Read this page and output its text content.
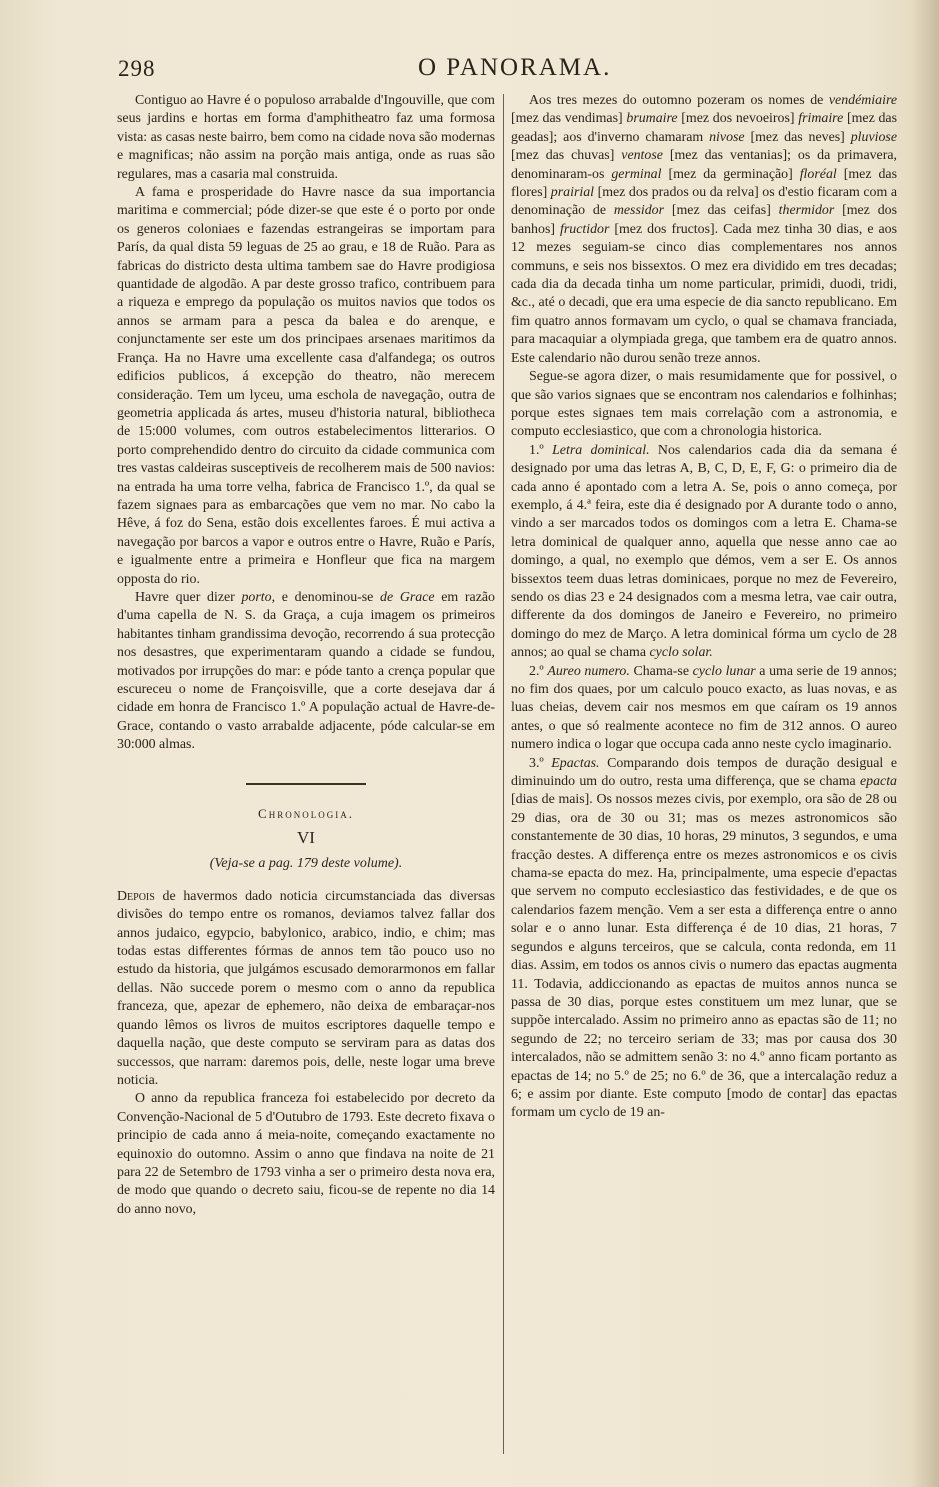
298	O PANORAMA.

Contiguo ao Havre é o populoso arrabalde d'Ingouville, que com seus jardins e hortas em forma d'amphitheatro faz uma formosa vista: as casas neste bairro, bem como na cidade nova são modernas e magnificas; não assim na porção mais antiga, onde as ruas são regulares, mas a casaria mal construida.

A fama e prosperidade do Havre nasce da sua importancia maritima e commercial; póde dizer-se que este é o porto por onde os generos coloniaes e fazendas estrangeiras se importam para París, da qual dista 59 leguas de 25 ao grau, e 18 de Ruão. Para as fabricas do districto desta ultima tambem sae do Havre prodigiosa quantidade de algodão. A par deste grosso trafico, contribuem para a riqueza e emprego da população os muitos navios que todos os annos se armam para a pesca da balea e do arenque, e conjunctamente ser este um dos principaes arsenaes maritimos da França. Ha no Havre uma excellente casa d'alfandega; os outros edificios publicos, á excepção do theatro, não merecem consideração. Tem um lyceu, uma eschola de navegação, outra de geometria applicada ás artes, museu d'historia natural, bibliotheca de 15:000 volumes, com outros estabelecimentos litterarios. O porto comprehendido dentro do circuito da cidade communica com tres vastas caldeiras susceptiveis de recolherem mais de 500 navios: na entrada ha uma torre velha, fabrica de Francisco 1.º, da qual se fazem signaes para as embarcações que vem no mar. No cabo la Hêve, á foz do Sena, estão dois excellentes faroes. É mui activa a navegação por barcos a vapor e outros entre o Havre, Ruão e París, e igualmente entre a primeira e Honfleur que fica na margem opposta do rio.

Havre quer dizer porto, e denominou-se de Grace em razão d'uma capella de N. S. da Graça, a cuja imagem os primeiros habitantes tinham grandissima devoção, recorrendo á sua protecção nos desastres, que experimentaram quando a cidade se fundou, motivados por irrupções do mar: e póde tanto a crença popular que escureceu o nome de Françoisville, que a corte desejava dar á cidade em honra de Francisco 1.º A população actual de Havre-de-Grace, contando o vasto arrabalde adjacente, póde calcular-se em 30:000 almas.

Chronologia.
VI
(Veja-se a pag. 179 deste volume).

Depois de havermos dado noticia circumstanciada das diversas divisões do tempo entre os romanos, deviamos talvez fallar dos annos judaico, egypcio, babylonico, arabico, indio, e chim; mas todas estas differentes fórmas de annos tem tão pouco uso no estudo da historia, que julgámos escusado demorarmonos em fallar dellas. Não succede porem o mesmo com o anno da republica franceza, que, apezar de ephemero, não deixa de embaraçar-nos quando lêmos os livros de muitos escriptores daquelle tempo e daquella nação, que deste computo se serviram para as datas dos successos, que narram: daremos pois, delle, neste logar uma breve noticia.

O anno da republica franceza foi estabelecido por decreto da Convenção-Nacional de 5 d'Outubro de 1793. Este decreto fixava o principio de cada anno á meia-noite, começando exactamente no equinoxio do outomno. Assim o anno que findava na noite de 21 para 22 de Setembro de 1793 vinha a ser o primeiro desta nova era, de modo que quando o decreto saiu, ficou-se de repente no dia 14 do anno novo,

Aos tres mezes do outomno pozeram os nomes de vendémiaire [mez das vendimas] brumaire [mez dos nevoeiros] frimaire [mez das geadas]; aos d'inverno chamaram nivose [mez das neves] pluviose [mez das chuvas] ventose [mez das ventanias]; os da primavera, denominaram-os germinal [mez da germinação] floréal [mez das flores] prairial [mez dos prados ou da relva] os d'estio ficaram com a denominação de messidor [mez das ceifas] thermidor [mez dos banhos] fructidor [mez dos fructos]. Cada mez tinha 30 dias, e aos 12 mezes seguiam-se cinco dias complementares nos annos communs, e seis nos bissextos. O mez era dividido em tres decadas; cada dia da decada tinha um nome particular, primidi, duodi, tridi, &c., até o decadi, que era uma especie de dia sancto republicano. Em fim quatro annos formavam um cyclo, o qual se chamava franciada, para macaquiar a olympiada grega, que tambem era de quatro annos. Este calendario não durou senão treze annos.

Segue-se agora dizer, o mais resumidamente que for possivel, o que são varios signaes que se encontram nos calendarios e folhinhas; porque estes signaes tem mais correlação com a astronomia, e computo ecclesiastico, que com a chronologia historica.

1.º Letra dominical. Nos calendarios cada dia da semana é designado por uma das letras A, B, C, D, E, F, G: o primeiro dia de cada anno é apontado com a letra A. Se, pois o anno começa, por exemplo, á 4.ª feira, este dia é designado por A durante todo o anno, vindo a ser marcados todos os domingos com a letra E. Chama-se letra dominical de qualquer anno, aquella que nesse anno cae ao domingo, a qual, no exemplo que démos, vem a ser E. Os annos bissextos teem duas letras dominicaes, porque no mez de Fevereiro, sendo os dias 23 e 24 designados com a mesma letra, vae cair outra, differente da dos domingos de Janeiro e Fevereiro, no primeiro domingo do mez de Março. A letra dominical fórma um cyclo de 28 annos; ao qual se chama cyclo solar.

2.º Aureo numero. Chama-se cyclo lunar a uma serie de 19 annos; no fim dos quaes, por um calculo pouco exacto, as luas novas, e as luas cheias, devem cair nos mesmos em que caíram os 19 annos antes, o que só realmente acontece no fim de 312 annos. O aureo numero indica o logar que occupa cada anno neste cyclo imaginario.

3.º Epactas. Comparando dois tempos de duração desigual e diminuindo um do outro, resta uma differença, que se chama epacta [dias de mais]. Os nossos mezes civis, por exemplo, ora são de 28 ou 29 dias, ora de 30 ou 31; mas os mezes astronomicos são constantemente de 30 dias, 10 horas, 29 minutos, 3 segundos, e uma fracção destes. A differença entre os mezes astronomicos e os civis chama-se epacta do mez. Ha, principalmente, uma especie d'epactas que servem no computo ecclesiastico das festividades, e de que os calendarios fazem menção. Vem a ser esta a differença entre o anno solar e o anno lunar. Esta differença é de 10 dias, 21 horas, 7 segundos e alguns terceiros, que se calcula, conta redonda, em 11 dias. Assim, em todos os annos civis o numero das epactas augmenta 11. Todavia, addiccionando as epactas de muitos annos nunca se passa de 30 dias, porque estes constituem um mez lunar, que se suppõe intercalado. Assim no primeiro anno as epactas são de 11; no segundo de 22; no terceiro seriam de 33; mas por causa dos 30 intercalados, não se admittem senão 3: no 4.º anno ficam portanto as epactas de 14; no 5.º de 25; no 6.º de 36, que a intercalação reduz a 6; e assim por diante. Este computo [modo de contar] das epactas formam um cyclo de 19 an-
